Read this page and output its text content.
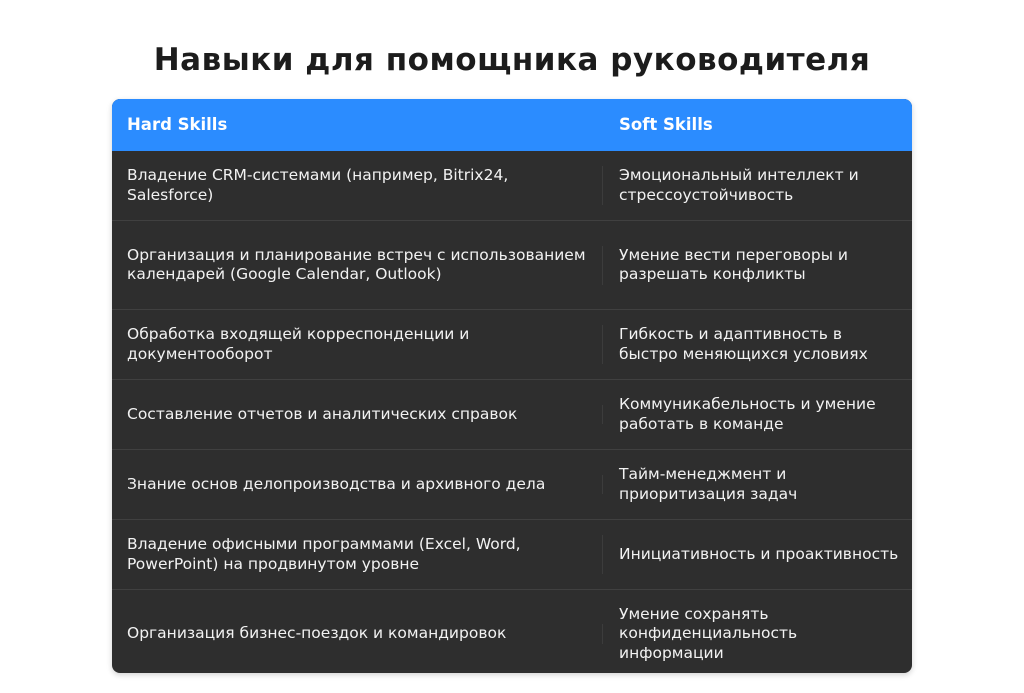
Навыки для помощника руководителя
Hard Skills	Soft Skills
Владение CRM-системами (например, Bitrix24, Salesforce)
Эмоциональный интеллект и стрессоустойчивость
Организация и планирование встреч с использованием календарей (Google Calendar, Outlook)
Умение вести переговоры и разрешать конфликты
Обработка входящей корреспонденции и документооборот
Гибкость и адаптивность в быстро меняющихся условиях
Составление отчетов и аналитических справок
Коммуникабельность и умение работать в команде
Знание основ делопроизводства и архивного дела
Тайм-менеджмент и приоритизация задач
Владение офисными программами (Excel, Word, PowerPoint) на продвинутом уровне
Инициативность и проактивность
Организация бизнес-поездок и командировок
Умение сохранять конфиденциальность информации
